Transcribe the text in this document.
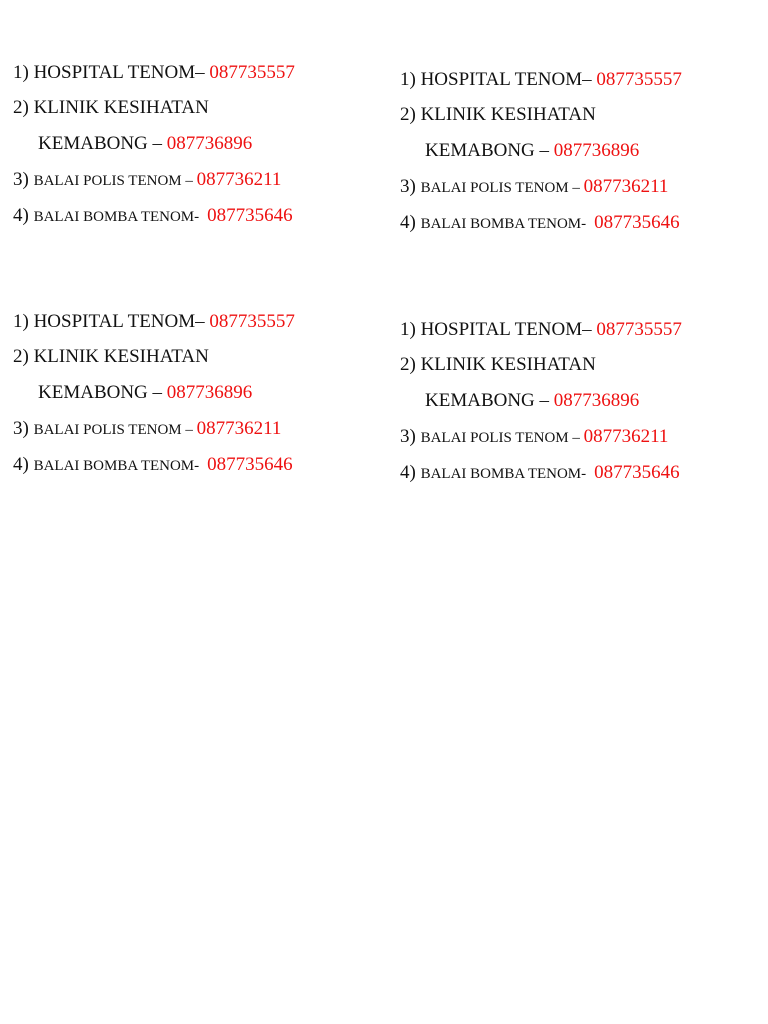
1) HOSPITAL TENOM– 087735557
2) KLINIK KESIHATAN
KEMABONG – 087736896
3) BALAI POLIS TENOM – 087736211
4) BALAI BOMBA TENOM- 087735646
1) HOSPITAL TENOM– 087735557
2) KLINIK KESIHATAN
KEMABONG – 087736896
3) BALAI POLIS TENOM – 087736211
4) BALAI BOMBA TENOM- 087735646
1) HOSPITAL TENOM– 087735557
2) KLINIK KESIHATAN
KEMABONG – 087736896
3) BALAI POLIS TENOM – 087736211
4) BALAI BOMBA TENOM- 087735646
1) HOSPITAL TENOM– 087735557
2) KLINIK KESIHATAN
KEMABONG – 087736896
3) BALAI POLIS TENOM – 087736211
4) BALAI BOMBA TENOM- 087735646
